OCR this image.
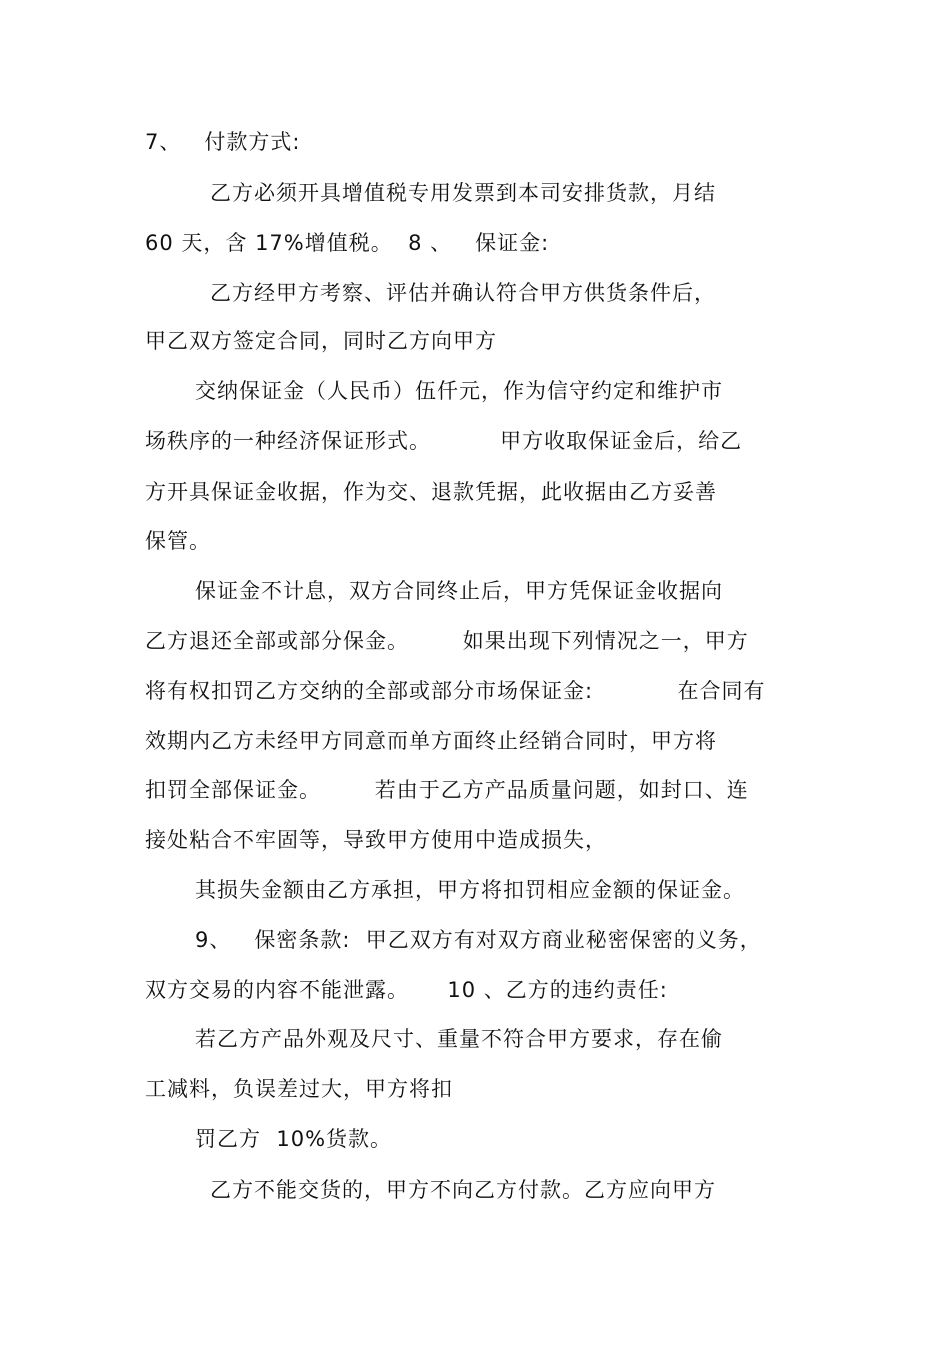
7、   付款方式:
乙方必须开具增值税专用发票到本司安排货款，月结
60 天，含 17%增值税。  8 、   保证金:
乙方经甲方考察、评估并确认符合甲方供货条件后，
甲乙双方签定合同，同时乙方向甲方
交纳保证金（人民币）伍仟元，作为信守约定和维护市
场秩序的一种经济保证形式。         甲方收取保证金后，给乙
方开具保证金收据，作为交、退款凭据，此收据由乙方妥善
保管。
保证金不计息，双方合同终止后，甲方凭保证金收据向
乙方退还全部或部分保金。       如果出现下列情况之一，甲方
将有权扣罚乙方交纳的全部或部分市场保证金:           在合同有
效期内乙方未经甲方同意而单方面终止经销合同时，甲方将
扣罚全部保证金。       若由于乙方产品质量问题，如封口、连
接处粘合不牢固等，导致甲方使用中造成损失，
其损失金额由乙方承担，甲方将扣罚相应金额的保证金。
9、   保密条款:  甲乙双方有对双方商业秘密保密的义务，
双方交易的内容不能泄露。     10 、乙方的违约责任:
若乙方产品外观及尺寸、重量不符合甲方要求，存在偷
工减料，负误差过大，甲方将扣
罚乙方  10%货款。
乙方不能交货的，甲方不向乙方付款。乙方应向甲方
